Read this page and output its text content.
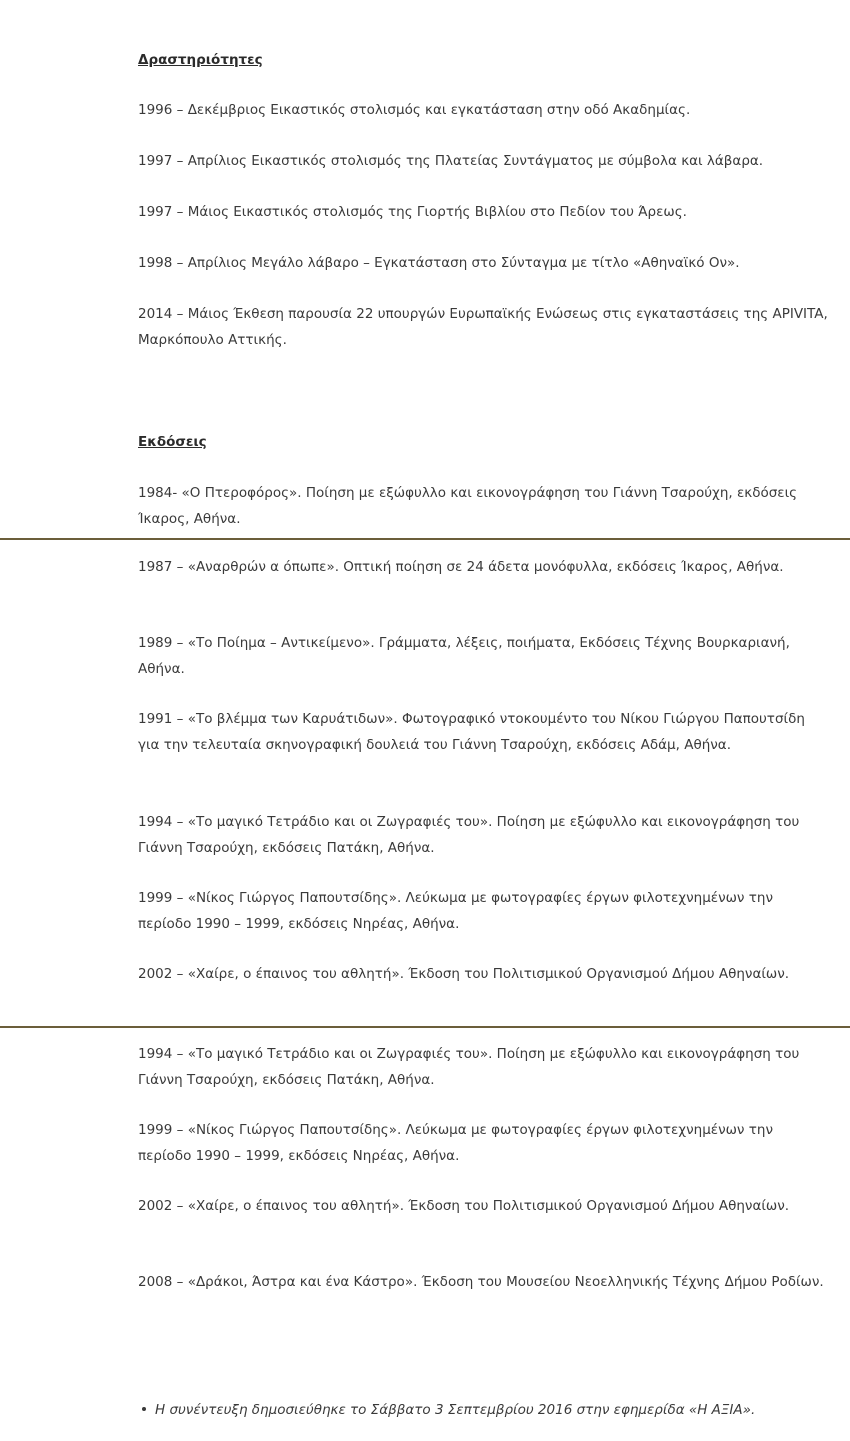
Δραστηριότητες
1996 – Δεκέμβριος Εικαστικός στολισμός και εγκατάσταση στην οδό Ακαδημίας.
1997 – Απρίλιος Εικαστικός στολισμός της Πλατείας Συντάγματος με σύμβολα και λάβαρα.
1997 – Μάιος Εικαστικός στολισμός της Γιορτής Βιβλίου στο Πεδίον του Άρεως.
1998 – Απρίλιος Μεγάλο λάβαρο – Εγκατάσταση στο Σύνταγμα με τίτλο «Αθηναϊκό Ον».
2014 – Μάιος Έκθεση παρουσία 22 υπουργών Ευρωπαϊκής Ενώσεως στις εγκαταστάσεις της APIVITA, Μαρκόπουλο Αττικής.
Εκδόσεις
1984- «Ο Πτεροφόρος». Ποίηση με εξώφυλλο και εικονογράφηση του Γιάννη Τσαρούχη, εκδόσεις Ίκαρος, Αθήνα.
1987 – «Αναρθρών α όπωπε». Οπτική ποίηση σε 24 άδετα μονόφυλλα, εκδόσεις Ίκαρος, Αθήνα.
1989 – «Το Ποίημα – Αντικείμενο». Γράμματα, λέξεις, ποιήματα, Εκδόσεις Τέχνης Βουρκαριανή, Αθήνα.
1991 – «Το βλέμμα των Καρυάτιδων». Φωτογραφικό ντοκουμέντο του Νίκου Γιώργου Παπουτσίδη για την τελευταία σκηνογραφική δουλειά του Γιάννη Τσαρούχη, εκδόσεις Αδάμ, Αθήνα.
1994 – «Το μαγικό Τετράδιο και οι Ζωγραφιές του». Ποίηση με εξώφυλλο και εικονογράφηση του Γιάννη Τσαρούχη, εκδόσεις Πατάκη, Αθήνα.
1999 – «Νίκος Γιώργος Παπουτσίδης». Λεύκωμα με φωτογραφίες έργων φιλοτεχνημένων την περίοδο 1990 – 1999, εκδόσεις Νηρέας, Αθήνα.
2002 – «Χαίρε, ο έπαινος του αθλητή». Έκδοση του Πολιτισμικού Οργανισμού Δήμου Αθηναίων.
1994 – «Το μαγικό Τετράδιο και οι Ζωγραφιές του». Ποίηση με εξώφυλλο και εικονογράφηση του Γιάννη Τσαρούχη, εκδόσεις Πατάκη, Αθήνα.
1999 – «Νίκος Γιώργος Παπουτσίδης». Λεύκωμα με φωτογραφίες έργων φιλοτεχνημένων την περίοδο 1990 – 1999, εκδόσεις Νηρέας, Αθήνα.
2002 – «Χαίρε, ο έπαινος του αθλητή». Έκδοση του Πολιτισμικού Οργανισμού Δήμου Αθηναίων.
2008 – «Δράκοι, Άστρα και ένα Κάστρο». Έκδοση του Μουσείου Νεοελληνικής Τέχνης Δήμου Ροδίων.
Η συνέντευξη δημοσιεύθηκε το Σάββατο 3 Σεπτεμβρίου 2016 στην εφημερίδα «Η ΑΞΙΑ».
